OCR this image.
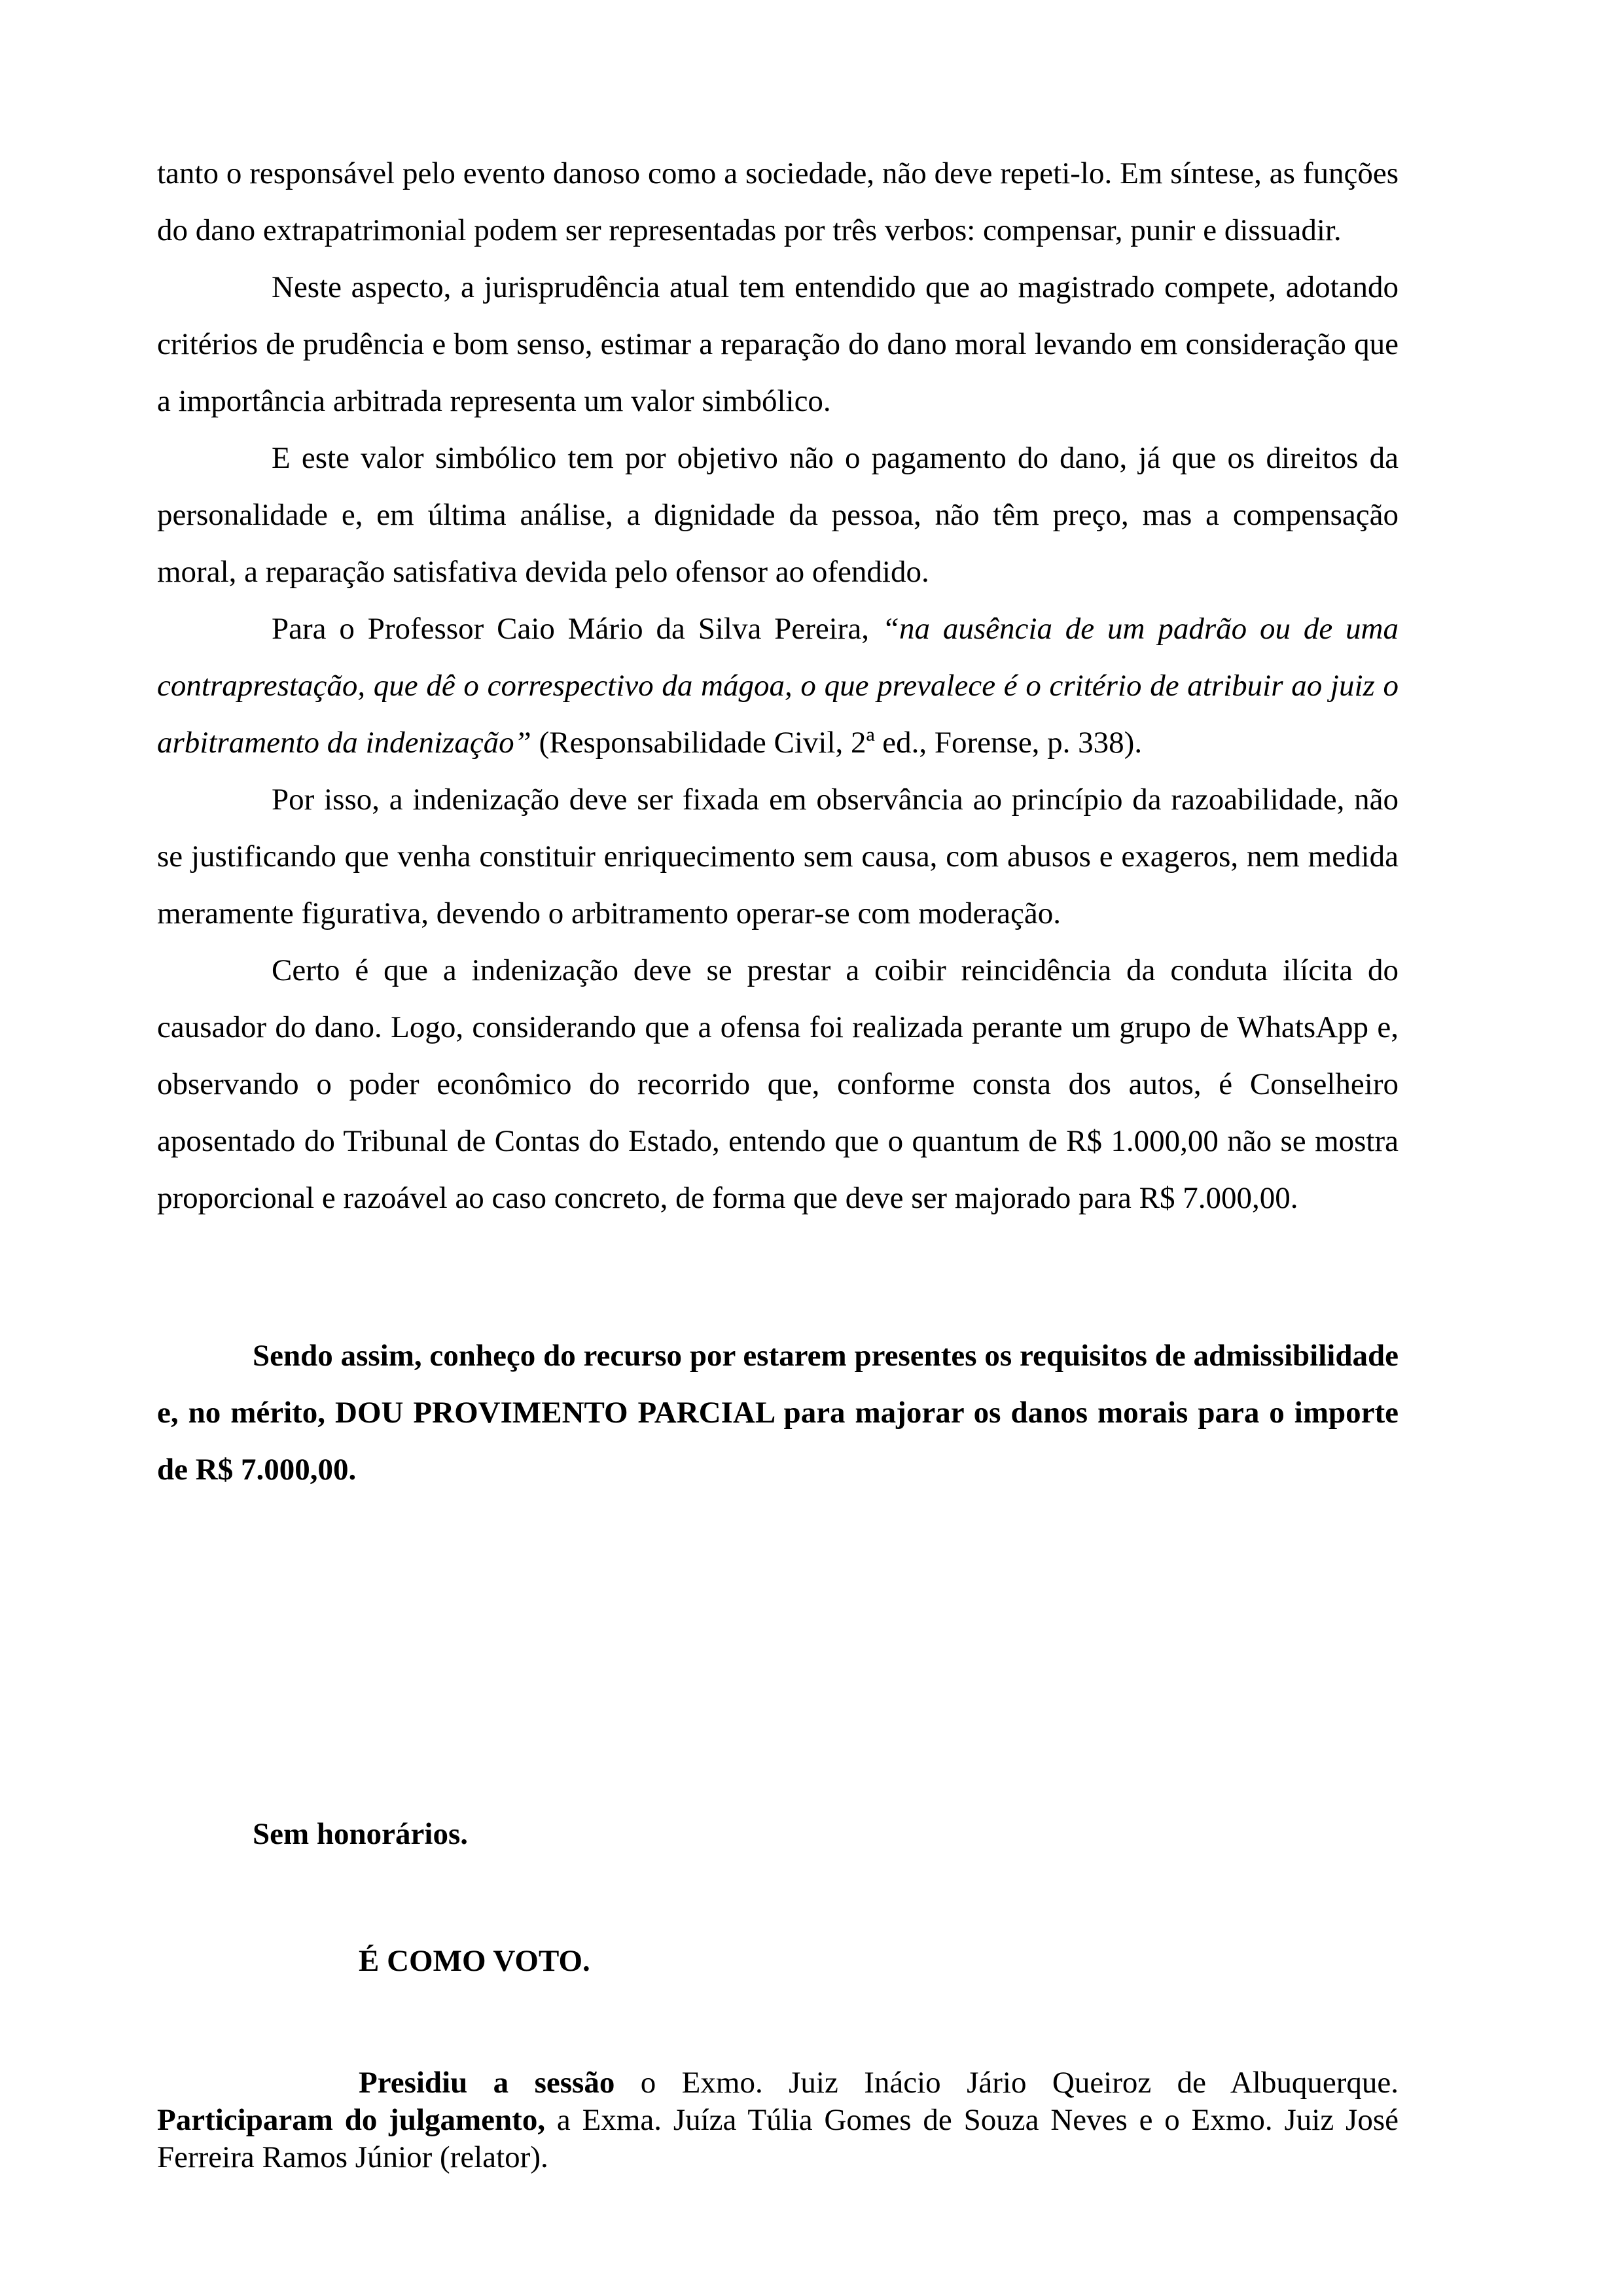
tanto o responsável pelo evento danoso como a sociedade, não deve repeti-lo. Em síntese, as funções do dano extrapatrimonial podem ser representadas por três verbos: compensar, punir e dissuadir.

Neste aspecto, a jurisprudência atual tem entendido que ao magistrado compete, adotando critérios de prudência e bom senso, estimar a reparação do dano moral levando em consideração que a importância arbitrada representa um valor simbólico.

E este valor simbólico tem por objetivo não o pagamento do dano, já que os direitos da personalidade e, em última análise, a dignidade da pessoa, não têm preço, mas a compensação moral, a reparação satisfativa devida pelo ofensor ao ofendido.

Para o Professor Caio Mário da Silva Pereira, “na ausência de um padrão ou de uma contraprestação, que dê o correspectivo da mágoa, o que prevalece é o critério de atribuir ao juiz o arbitramento da indenização” (Responsabilidade Civil, 2ª ed., Forense, p. 338).

Por isso, a indenização deve ser fixada em observância ao princípio da razoabilidade, não se justificando que venha constituir enriquecimento sem causa, com abusos e exageros, nem medida meramente figurativa, devendo o arbitramento operar-se com moderação.

Certo é que a indenização deve se prestar a coibir reincidência da conduta ilícita do causador do dano. Logo, considerando que a ofensa foi realizada perante um grupo de WhatsApp e, observando o poder econômico do recorrido que, conforme consta dos autos, é Conselheiro aposentado do Tribunal de Contas do Estado, entendo que o quantum de R$ 1.000,00 não se mostra proporcional e razoável ao caso concreto, de forma que deve ser majorado para R$ 7.000,00.

Sendo assim, conheço do recurso por estarem presentes os requisitos de admissibilidade e, no mérito, DOU PROVIMENTO PARCIAL para majorar os danos morais para o importe de R$ 7.000,00.

Sem honorários.
É COMO VOTO.

Presidiu a sessão o Exmo. Juiz Inácio Jário Queiroz de Albuquerque. Participaram do julgamento, a Exma. Juíza Túlia Gomes de Souza Neves e o Exmo. Juiz José Ferreira Ramos Júnior (relator).
